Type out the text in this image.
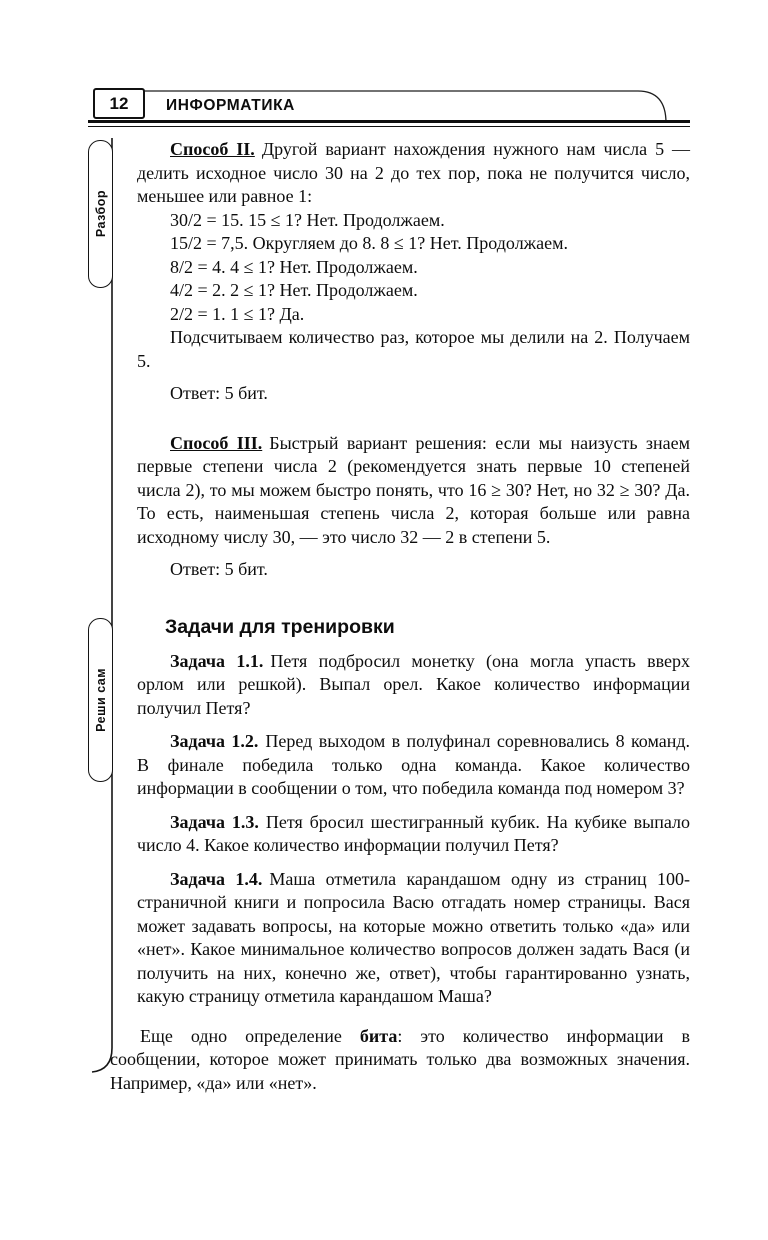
12 ИНФОРМАТИКА
Разбор
Реши сам

Способ II. Другой вариант нахождения нужного нам числа 5 — делить исходное число 30 на 2 до тех пор, пока не получится число, меньшее или равное 1:

30/2 = 15. 15 ≤ 1? Нет. Продолжаем.
15/2 = 7,5. Округляем до 8. 8 ≤ 1? Нет. Продолжаем.
8/2 = 4. 4 ≤ 1? Нет. Продолжаем.
4/2 = 2. 2 ≤ 1? Нет. Продолжаем.
2/2 = 1. 1 ≤ 1? Да.

Подсчитываем количество раз, которое мы делили на 2. Получаем 5.

Ответ: 5 бит.

Способ III. Быстрый вариант решения: если мы наизусть знаем первые степени числа 2 (рекомендуется знать первые 10 степеней числа 2), то мы можем быстро понять, что 16 ≥ 30? Нет, но 32 ≥ 30? Да. То есть, наименьшая степень числа 2, которая больше или равна исходному числу 30, — это число 32 — 2 в степени 5.

Ответ: 5 бит.

Задачи для тренировки

Задача 1.1. Петя подбросил монетку (она могла упасть вверх орлом или решкой). Выпал орел. Какое количество информации получил Петя?

Задача 1.2. Перед выходом в полуфинал соревновались 8 команд. В финале победила только одна команда. Какое количество информации в сообщении о том, что победила команда под номером 3?

Задача 1.3. Петя бросил шестигранный кубик. На кубике выпало число 4. Какое количество информации получил Петя?

Задача 1.4. Маша отметила карандашом одну из страниц 100-страничной книги и попросила Васю отгадать номер страницы. Вася может задавать вопросы, на которые можно ответить только «да» или «нет». Какое минимальное количество вопросов должен задать Вася (и получить на них, конечно же, ответ), чтобы гарантированно узнать, какую страницу отметила карандашом Маша?

Еще одно определение бита: это количество информации в сообщении, которое может принимать только два возможных значения. Например, «да» или «нет».
